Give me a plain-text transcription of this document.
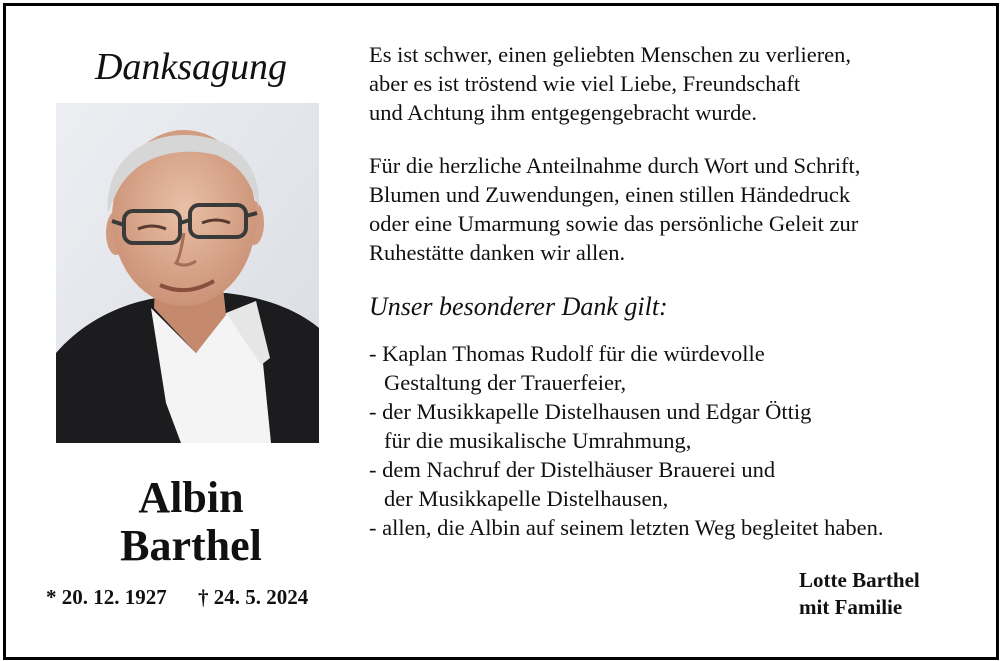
Danksagung
Albin
Barthel
* 20. 12. 1927 † 24. 5. 2024
Es ist schwer, einen geliebten Menschen zu verlieren,
aber es ist tröstend wie viel Liebe, Freundschaft
und Achtung ihm entgegengebracht wurde.
Für die herzliche Anteilnahme durch Wort und Schrift,
Blumen und Zuwendungen, einen stillen Händedruck
oder eine Umarmung sowie das persönliche Geleit zur
Ruhestätte danken wir allen.
Unser besonderer Dank gilt:
- Kaplan Thomas Rudolf für die würdevolle
Gestaltung der Trauerfeier,
- der Musikkapelle Distelhausen und Edgar Öttig
für die musikalische Umrahmung,
- dem Nachruf der Distelhäuser Brauerei und
der Musikkapelle Distelhausen,
- allen, die Albin auf seinem letzten Weg begleitet haben.
Lotte Barthel
mit Familie
